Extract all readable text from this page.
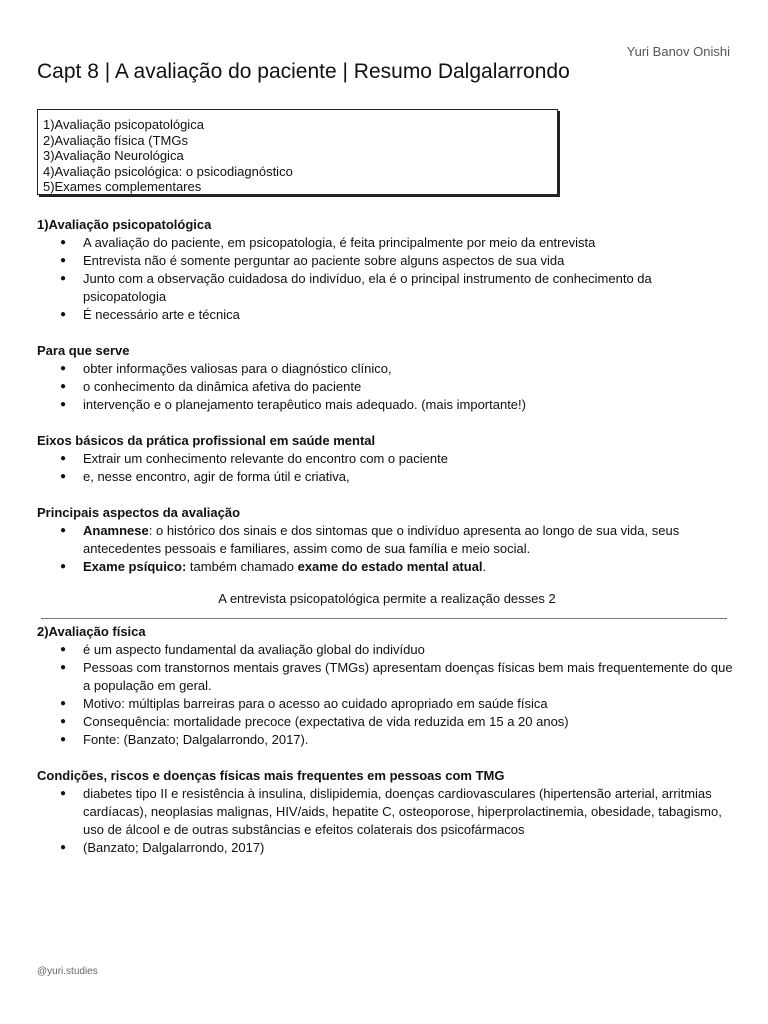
Yuri Banov Onishi
Capt 8 | A avaliação do paciente | Resumo Dalgalarrondo
1)Avaliação psicopatológica
2)Avaliação física (TMGs
3)Avaliação Neurológica
4)Avaliação psicológica: o psicodiagnóstico
5)Exames complementares
1)Avaliação psicopatológica
● A avaliação do paciente, em psicopatologia, é feita principalmente por meio da entrevista
● Entrevista não é somente perguntar ao paciente sobre alguns aspectos de sua vida
● Junto com a observação cuidadosa do indivíduo, ela é o principal instrumento de conhecimento da psicopatologia
● É necessário arte e técnica
Para que serve
● obter informações valiosas para o diagnóstico clínico,
● o conhecimento da dinâmica afetiva do paciente
● intervenção e o planejamento terapêutico mais adequado. (mais importante!)
Eixos básicos da prática profissional em saúde mental
● Extrair um conhecimento relevante do encontro com o paciente
● e, nesse encontro, agir de forma útil e criativa,
Principais aspectos da avaliação
● Anamnese: o histórico dos sinais e dos sintomas que o indivíduo apresenta ao longo de sua vida, seus antecedentes pessoais e familiares, assim como de sua família e meio social.
● Exame psíquico: também chamado exame do estado mental atual.
A entrevista psicopatológica permite a realização desses 2
2)Avaliação física
● é um aspecto fundamental da avaliação global do indivíduo
● Pessoas com transtornos mentais graves (TMGs) apresentam doenças físicas bem mais frequentemente do que a população em geral.
● Motivo: múltiplas barreiras para o acesso ao cuidado apropriado em saúde física
● Consequência: mortalidade precoce (expectativa de vida reduzida em 15 a 20 anos)
● Fonte: (Banzato; Dalgalarrondo, 2017).
Condições, riscos e doenças físicas mais frequentes em pessoas com TMG
● diabetes tipo II e resistência à insulina, dislipidemia, doenças cardiovasculares (hipertensão arterial, arritmias cardíacas), neoplasias malignas, HIV/aids, hepatite C, osteoporose, hiperprolactinemia, obesidade, tabagismo, uso de álcool e de outras substâncias e efeitos colaterais dos psicofármacos
● (Banzato; Dalgalarrondo, 2017)
@yuri.studies
